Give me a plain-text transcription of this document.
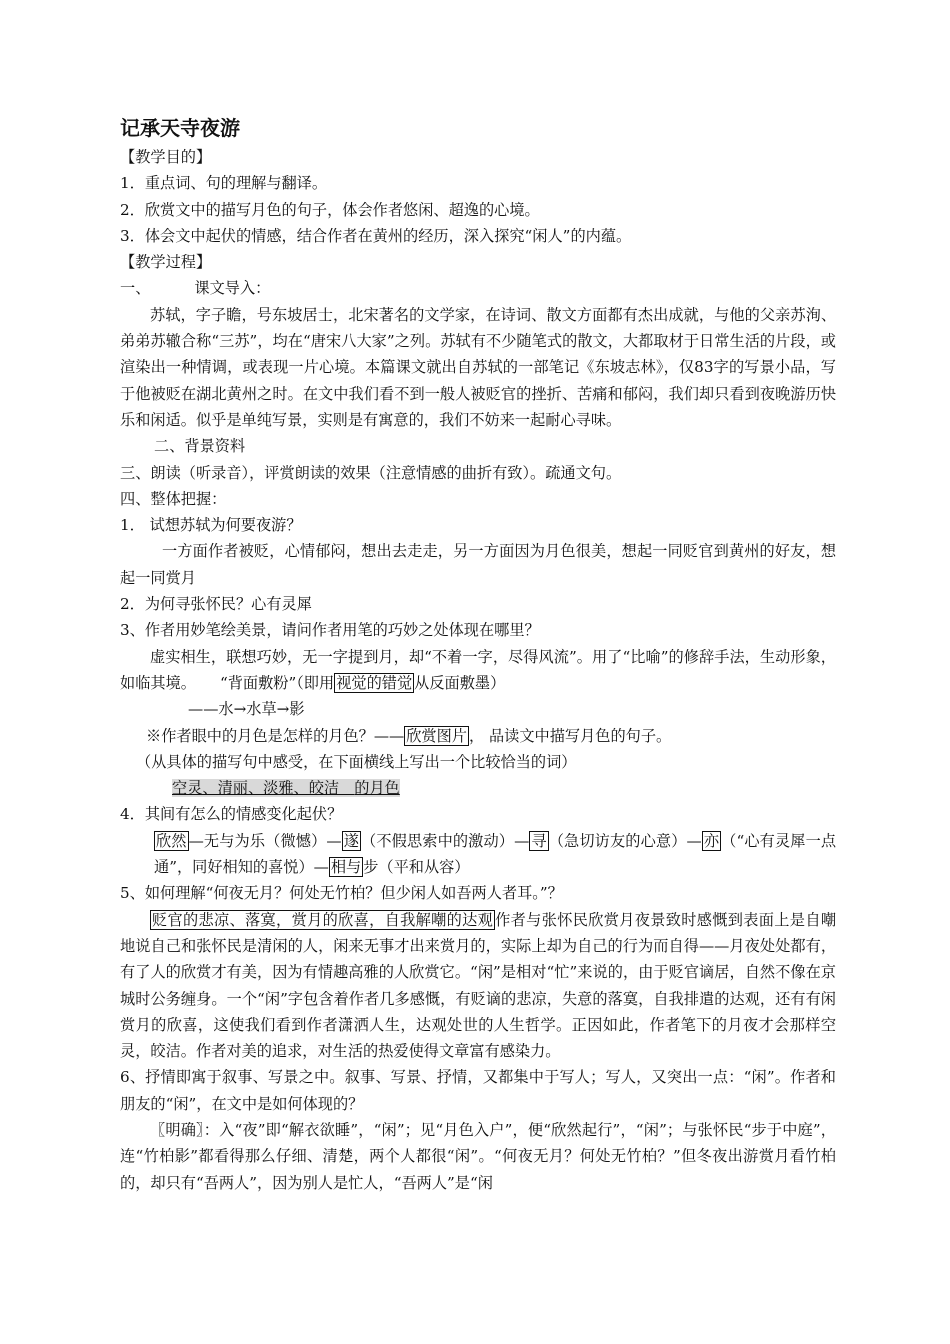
记承天寺夜游

【教学目的】

1．重点词、句的理解与翻译。

2．欣赏文中的描写月色的句子，体会作者悠闲、超逸的心境。

3．体会文中起伏的情感，结合作者在黄州的经历，深入探究“闲人”的内蕴。

【教学过程】

一、	课文导入：

苏轼，字子瞻，号东坡居士，北宋著名的文学家，在诗词、散文方面都有杰出成就，与他的父亲苏洵、弟弟苏辙合称“三苏”，均在“唐宋八大家”之列。苏轼有不少随笔式的散文，大都取材于日常生活的片段，或渲染出一种情调，或表现一片心境。本篇课文就出自苏轼的一部笔记《东坡志林》，仅83字的写景小品，写于他被贬在湖北黄州之时。在文中我们看不到一般人被贬官的挫折、苦痛和郁闷，我们却只看到夜晚游历快乐和闲适。似乎是单纯写景，实则是有寓意的，我们不妨来一起耐心寻味。

二、背景资料

三、朗读（听录音），评赏朗读的效果（注意情感的曲折有致）。疏通文句。

四、整体把握：

1． 试想苏轼为何要夜游？

一方面作者被贬，心情郁闷，想出去走走，另一方面因为月色很美，想起一同贬官到黄州的好友，想起一同赏月

2．为何寻张怀民？心有灵犀

3、作者用妙笔绘美景，请问作者用笔的巧妙之处体现在哪里？

虚实相生，联想巧妙，无一字提到月，却“不着一字，尽得风流”。用了“比喻”的修辞手法，生动形象，如临其境。 “背面敷粉”（即用 视觉的错觉 从反面敷墨）

——水→水草→影

※作者眼中的月色是怎样的月色？—— 欣赏图片 ， 品读文中描写月色的句子。

（从具体的描写句中感受，在下面横线上写出一个比较恰当的词）

空灵、清丽、淡雅、皎洁　的月色

4．其间有怎么的情感变化起伏？

欣然 —无与为乐（微憾）— 遂 （不假思索中的激动）— 寻 （急切访友的心意）— 亦 （“心有灵犀一点通”，同好相知的喜悦）— 相与 步（平和从容）

5、如何理解“何夜无月？何处无竹柏？但少闲人如吾两人者耳。”？

贬官的悲凉、落寞，赏月的欣喜，自我解嘲的达观 作者与张怀民欣赏月夜景致时感慨到表面上是自嘲地说自己和张怀民是清闲的人，闲来无事才出来赏月的，实际上却为自己的行为而自得——月夜处处都有，有了人的欣赏才有美，因为有情趣高雅的人欣赏它。“闲”是相对“忙”来说的，由于贬官谪居，自然不像在京城时公务缠身。一个“闲”字包含着作者几多感慨，有贬谪的悲凉，失意的落寞，自我排遣的达观，还有有闲赏月的欣喜，这使我们看到作者潇洒人生，达观处世的人生哲学。正因如此，作者笔下的月夜才会那样空灵，皎洁。作者对美的追求，对生活的热爱使得文章富有感染力。

6、抒情即寓于叙事、写景之中。叙事、写景、抒情，又都集中于写人；写人，又突出一点：“闲”。作者和朋友的“闲”，在文中是如何体现的？

〖明确〗：入“夜”即“解衣欲睡”，“闲”；见“月色入户”，便“欣然起行”，“闲”；与张怀民“步于中庭”，连“竹柏影”都看得那么仔细、清楚，两个人都很“闲”。“何夜无月？何处无竹柏？”但冬夜出游赏月看竹柏的，却只有“吾两人”，因为别人是忙人，“吾两人”是“闲
